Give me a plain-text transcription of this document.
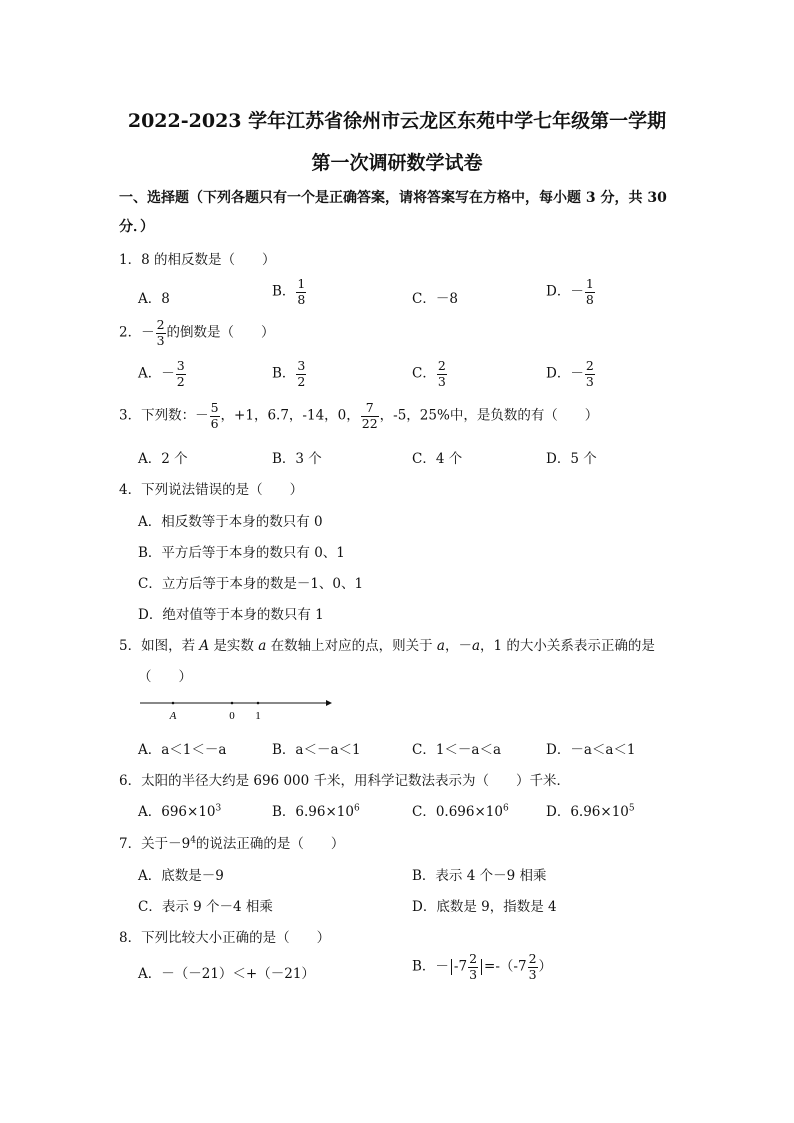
2022-2023 学年江苏省徐州市云龙区东苑中学七年级第一学期
第一次调研数学试卷
一、选择题（下列各题只有一个是正确答案，请将答案写在方格中，每小题 3 分，共 30
分．）
1．8 的相反数是（　　）
A．8	B． $\frac{1}{8}$	C．－8	D．－ $\frac{1}{8}$
2．－ $\frac{2}{3}$ 的倒数是（　　）
A．－ $\frac{3}{2}$	B． $\frac{3}{2}$	C． $\frac{2}{3}$	D．－ $\frac{2}{3}$
3．下列数：－ $\frac{5}{6}$ ，+1，6.7，-14，0， $\frac{7}{22}$ ，-5，25%中，是负数的有（　　）
A．2 个	B．3 个	C．4 个	D．5 个
4．下列说法错误的是（　　）
A．相反数等于本身的数只有 0
B．平方后等于本身的数只有 0、1
C．立方后等于本身的数是－1、0、1
D．绝对值等于本身的数只有 1
5．如图，若 A 是实数 a 在数轴上对应的点，则关于 a，－a，1 的大小关系表示正确的是
（　　）
A	0 1
A．a＜1＜－a	B．a＜－a＜1	C．1＜－a＜a	D．－a＜a＜1
6．太阳的半径大约是 696 000 千米，用科学记数法表示为（　　）千米．
A．$696\times 10^3$	B．$6.96\times 10^6$	C．$0.696\times 10^6$	D．$6.96\times 10^5$
7．关于$-9^4$的说法正确的是（　　）
A．底数是－9	B．表示 4 个－9 相乘
C．表示 9 个－4 相乘	D．底数是 9，指数是 4
8．下列比较大小正确的是（　　）
A．－（－21）＜+（－21）	B．－ $-7 \frac{2}{3} =-(-7 \frac{2}{3}$ ）
